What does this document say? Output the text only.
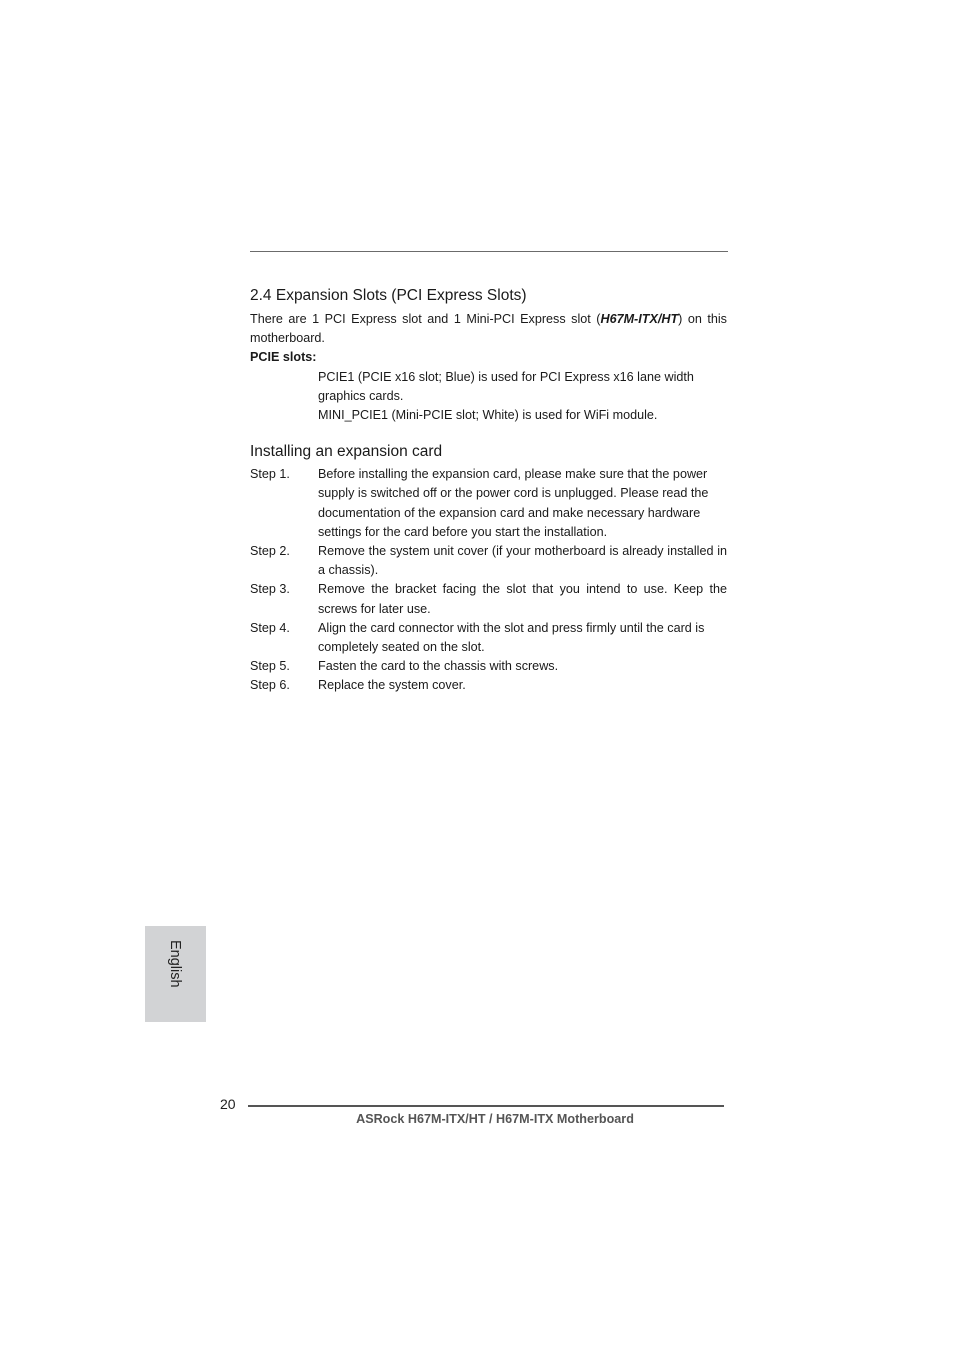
2.4 Expansion Slots (PCI Express Slots)

There are 1 PCI Express slot and 1 Mini-PCI Express slot (H67M-ITX/HT) on this motherboard.

PCIE slots:

PCIE1 (PCIE x16 slot; Blue) is used for PCI Express x16 lane width graphics cards.

MINI_PCIE1 (Mini-PCIE slot; White) is used for WiFi module.

Installing an expansion card
Step 1.	Before installing the expansion card, please make sure that the power supply is switched off or the power cord is unplugged. Please read the documentation of the expansion card and make necessary hardware settings for the card before you start the installation.
Step 2.	Remove the system unit cover (if your motherboard is already installed in a chassis).
Step 3.	Remove the bracket facing the slot that you intend to use. Keep the screws for later use.
Step 4.	Align the card connector with the slot and press firmly until the card is completely seated on the slot.
Step 5.	Fasten the card to the chassis with screws.
Step 6.	Replace the system cover.
English
20
ASRock H67M-ITX/HT / H67M-ITX Motherboard
